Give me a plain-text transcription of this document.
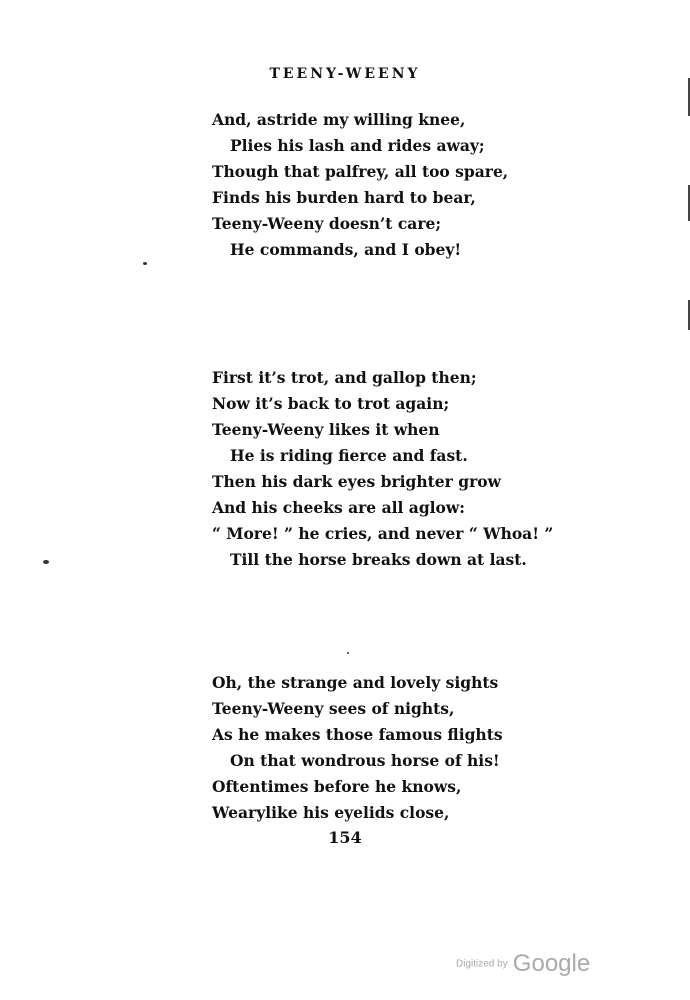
TEENY-WEENY
And, astride my willing knee,
Plies his lash and rides away;
Though that palfrey, all too spare,
Finds his burden hard to bear,
Teeny-Weeny doesn’t care;
He commands, and I obey!
First it’s trot, and gallop then;
Now it’s back to trot again;
Teeny-Weeny likes it when
He is riding fierce and fast.
Then his dark eyes brighter grow
And his cheeks are all aglow:
“ More! ” he cries, and never “ Whoa! ”
Till the horse breaks down at last.
Oh, the strange and lovely sights
Teeny-Weeny sees of nights,
As he makes those famous flights
On that wondrous horse of his!
Oftentimes before he knows,
Wearylike his eyelids close,
154
Digitized by Google
